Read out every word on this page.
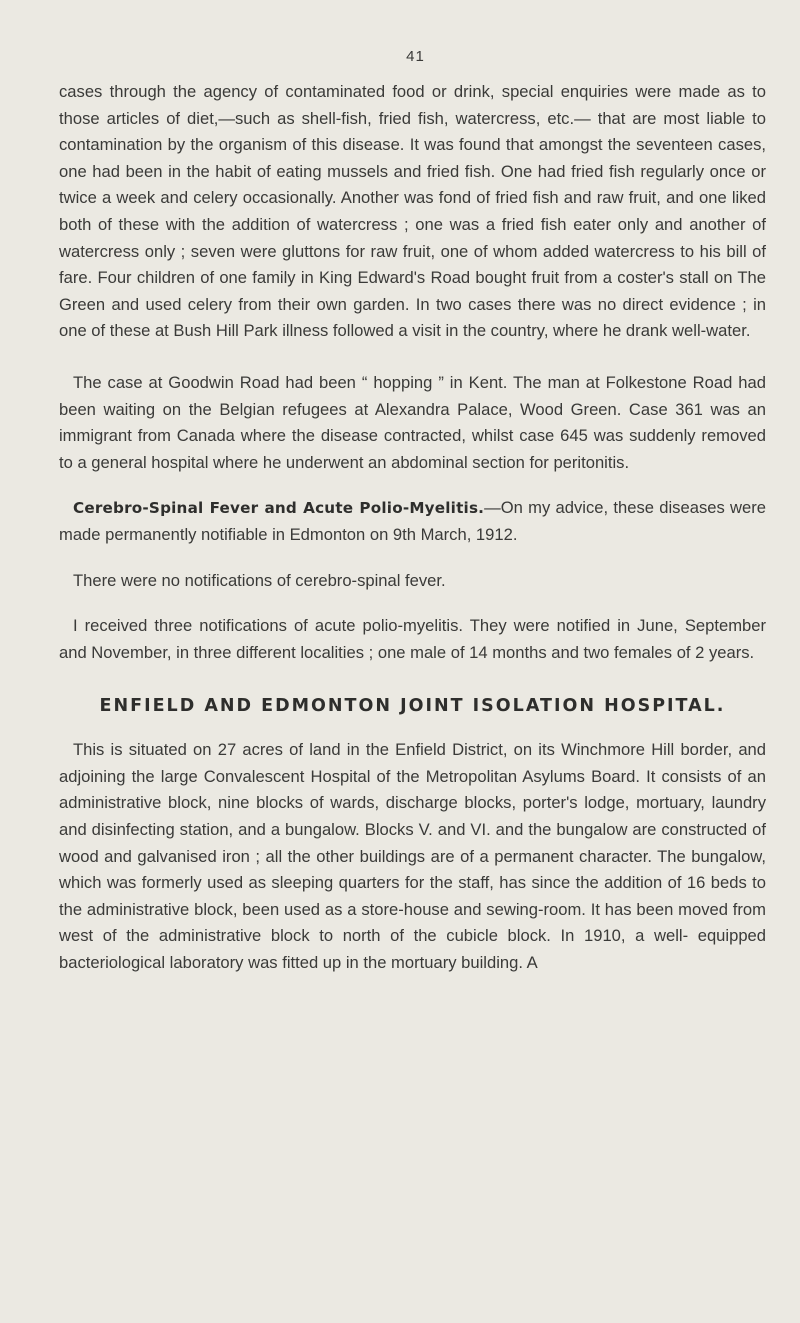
41

cases through the agency of contaminated food or drink, special enquiries were made as to those articles of diet,—such as shell-fish, fried fish, watercress, etc.— that are most liable to contamination by the organism of this disease. It was found that amongst the seventeen cases, one had been in the habit of eating mussels and fried fish. One had fried fish regularly once or twice a week and celery occasionally. Another was fond of fried fish and raw fruit, and one liked both of these with the addition of watercress ; one was a fried fish eater only and another of watercress only ; seven were gluttons for raw fruit, one of whom added watercress to his bill of fare. Four children of one family in King Edward's Road bought fruit from a coster's stall on The Green and used celery from their own garden. In two cases there was no direct evidence ; in one of these at Bush Hill Park illness followed a visit in the country, where he drank well-water.

The case at Goodwin Road had been “ hopping ” in Kent. The man at Folkestone Road had been waiting on the Belgian refugees at Alexandra Palace, Wood Green. Case 361 was an immigrant from Canada where the disease contracted, whilst case 645 was suddenly removed to a general hospital where he underwent an abdominal section for peritonitis.

Cerebro-Spinal Fever and Acute Polio-Myelitis.—On my advice, these diseases were made permanently notifiable in Edmonton on 9th March, 1912.

There were no notifications of cerebro-spinal fever.

I received three notifications of acute polio-myelitis. They were notified in June, September and November, in three different localities ; one male of 14 months and two females of 2 years.

ENFIELD AND EDMONTON JOINT ISOLATION HOSPITAL.

This is situated on 27 acres of land in the Enfield District, on its Winchmore Hill border, and adjoining the large Convalescent Hospital of the Metropolitan Asylums Board. It consists of an administrative block, nine blocks of wards, discharge blocks, porter's lodge, mortuary, laundry and disinfecting station, and a bungalow. Blocks V. and VI. and the bungalow are constructed of wood and galvanised iron ; all the other buildings are of a permanent character. The bungalow, which was formerly used as sleeping quarters for the staff, has since the addition of 16 beds to the administrative block, been used as a store-house and sewing-room. It has been moved from west of the administrative block to north of the cubicle block. In 1910, a well- equipped bacteriological laboratory was fitted up in the mortuary building. A
